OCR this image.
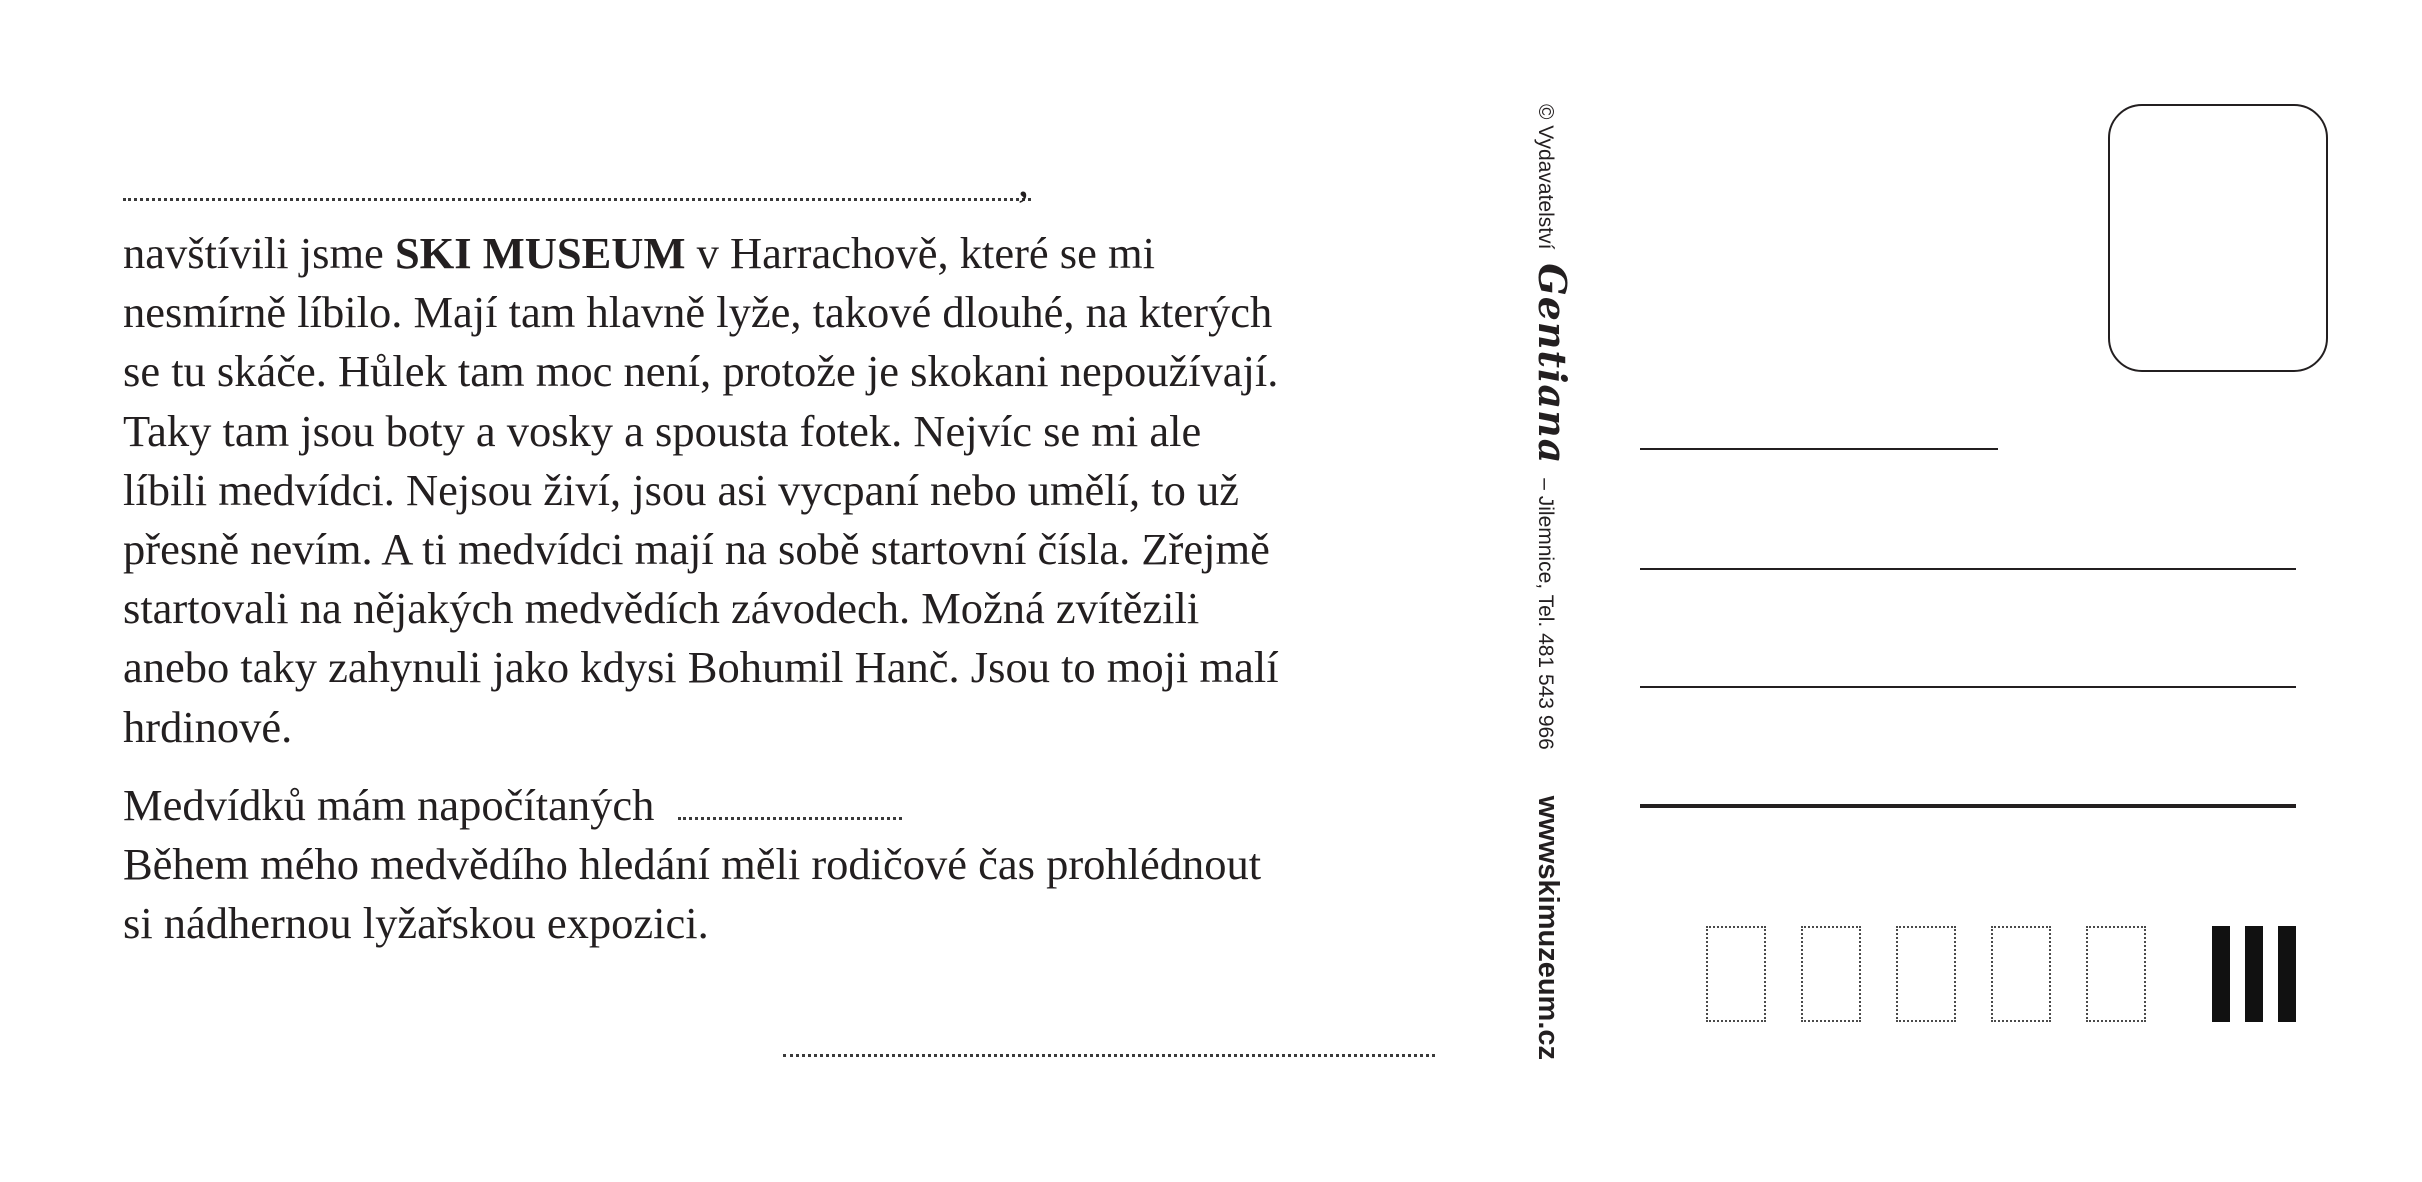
,
navštívili jsme SKI MUSEUM v Harrachově, které se mi
nesmírně líbilo. Mají tam hlavně lyže, takové dlouhé, na kterých
se tu skáče. Hůlek tam moc není, protože je skokani nepoužívají.
Taky tam jsou boty a vosky a spousta fotek. Nejvíc se mi ale
líbili medvídci. Nejsou živí, jsou asi vycpaní nebo umělí, to už
přesně nevím. A ti medvídci mají na sobě startovní čísla. Zřejmě
startovali na nějakých medvědích závodech. Možná zvítězili
anebo taky zahynuli jako kdysi Bohumil Hanč. Jsou to moji malí
hrdinové.
Medvídků mám napočítaných
Během mého medvědího hledání měli rodičové čas prohlédnout
si nádhernou lyžařskou expozici.
© Vydavatelství Gentiana – Jilemnice, Tel. 481 543 966 wwwskimuzeum.cz
